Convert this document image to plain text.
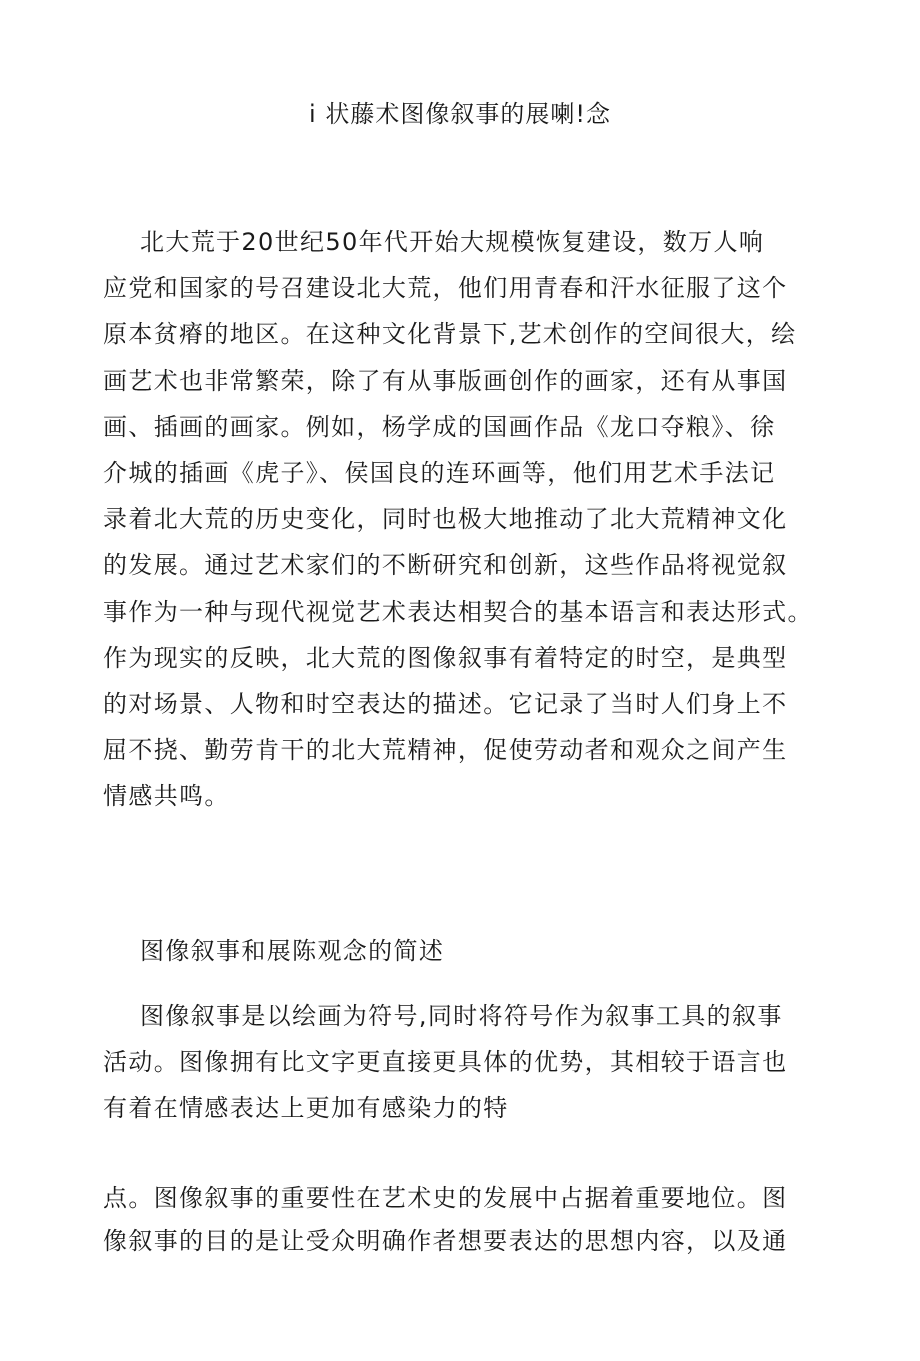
i 状藤术图像叙事的展喇!念
北大荒于20世纪50年代开始大规模恢复建设，数万人响
应党和国家的号召建设北大荒，他们用青春和汗水征服了这个
原本贫瘠的地区。在这种文化背景下,艺术创作的空间很大，绘
画艺术也非常繁荣，除了有从事版画创作的画家，还有从事国
画、插画的画家。例如，杨学成的国画作品《龙口夺粮》、徐
介城的插画《虎子》、侯国良的连环画等，他们用艺术手法记
录着北大荒的历史变化，同时也极大地推动了北大荒精神文化
的发展。通过艺术家们的不断研究和创新，这些作品将视觉叙
事作为一种与现代视觉艺术表达相契合的基本语言和表达形式。
作为现实的反映，北大荒的图像叙事有着特定的时空，是典型
的对场景、人物和时空表达的描述。它记录了当时人们身上不
屈不挠、勤劳肯干的北大荒精神，促使劳动者和观众之间产生
情感共鸣。
图像叙事和展陈观念的简述
图像叙事是以绘画为符号,同时将符号作为叙事工具的叙事
活动。图像拥有比文字更直接更具体的优势，其相较于语言也
有着在情感表达上更加有感染力的特
点。图像叙事的重要性在艺术史的发展中占据着重要地位。图
像叙事的目的是让受众明确作者想要表达的思想内容，以及通
